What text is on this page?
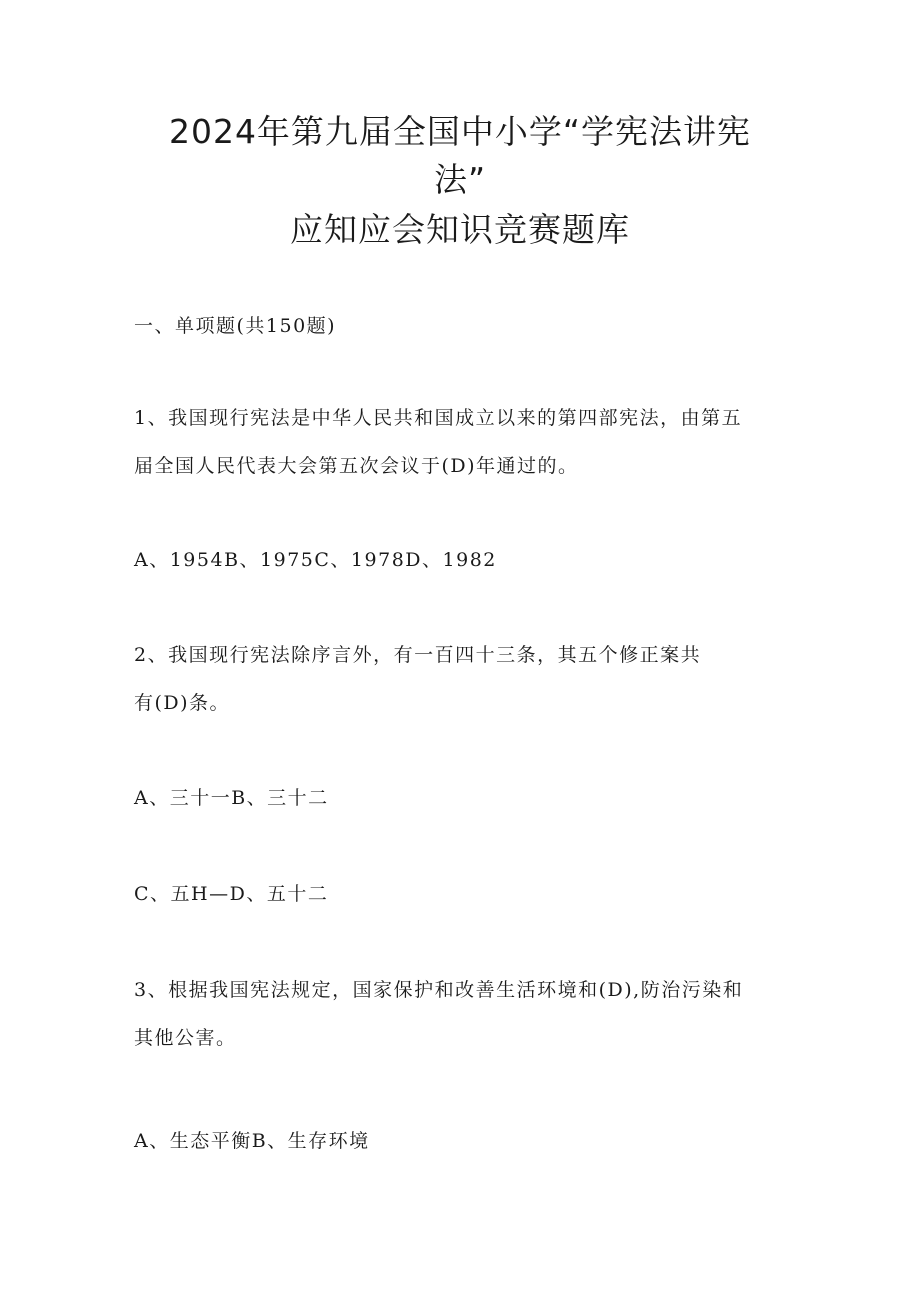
2024年第九届全国中小学“学宪法讲宪
法”
应知应会知识竞赛题库

一、单项题(共150题)

1、我国现行宪法是中华人民共和国成立以来的第四部宪法，由第五

届全国人民代表大会第五次会议于(D)年通过的。

A、1954B、1975C、1978D、1982

2、我国现行宪法除序言外，有一百四十三条，其五个修正案共

有(D)条。

A、三十一B、三十二

C、五H—D、五十二

3、根据我国宪法规定，国家保护和改善生活环境和(D),防治污染和

其他公害。

A、生态平衡B、生存环境
